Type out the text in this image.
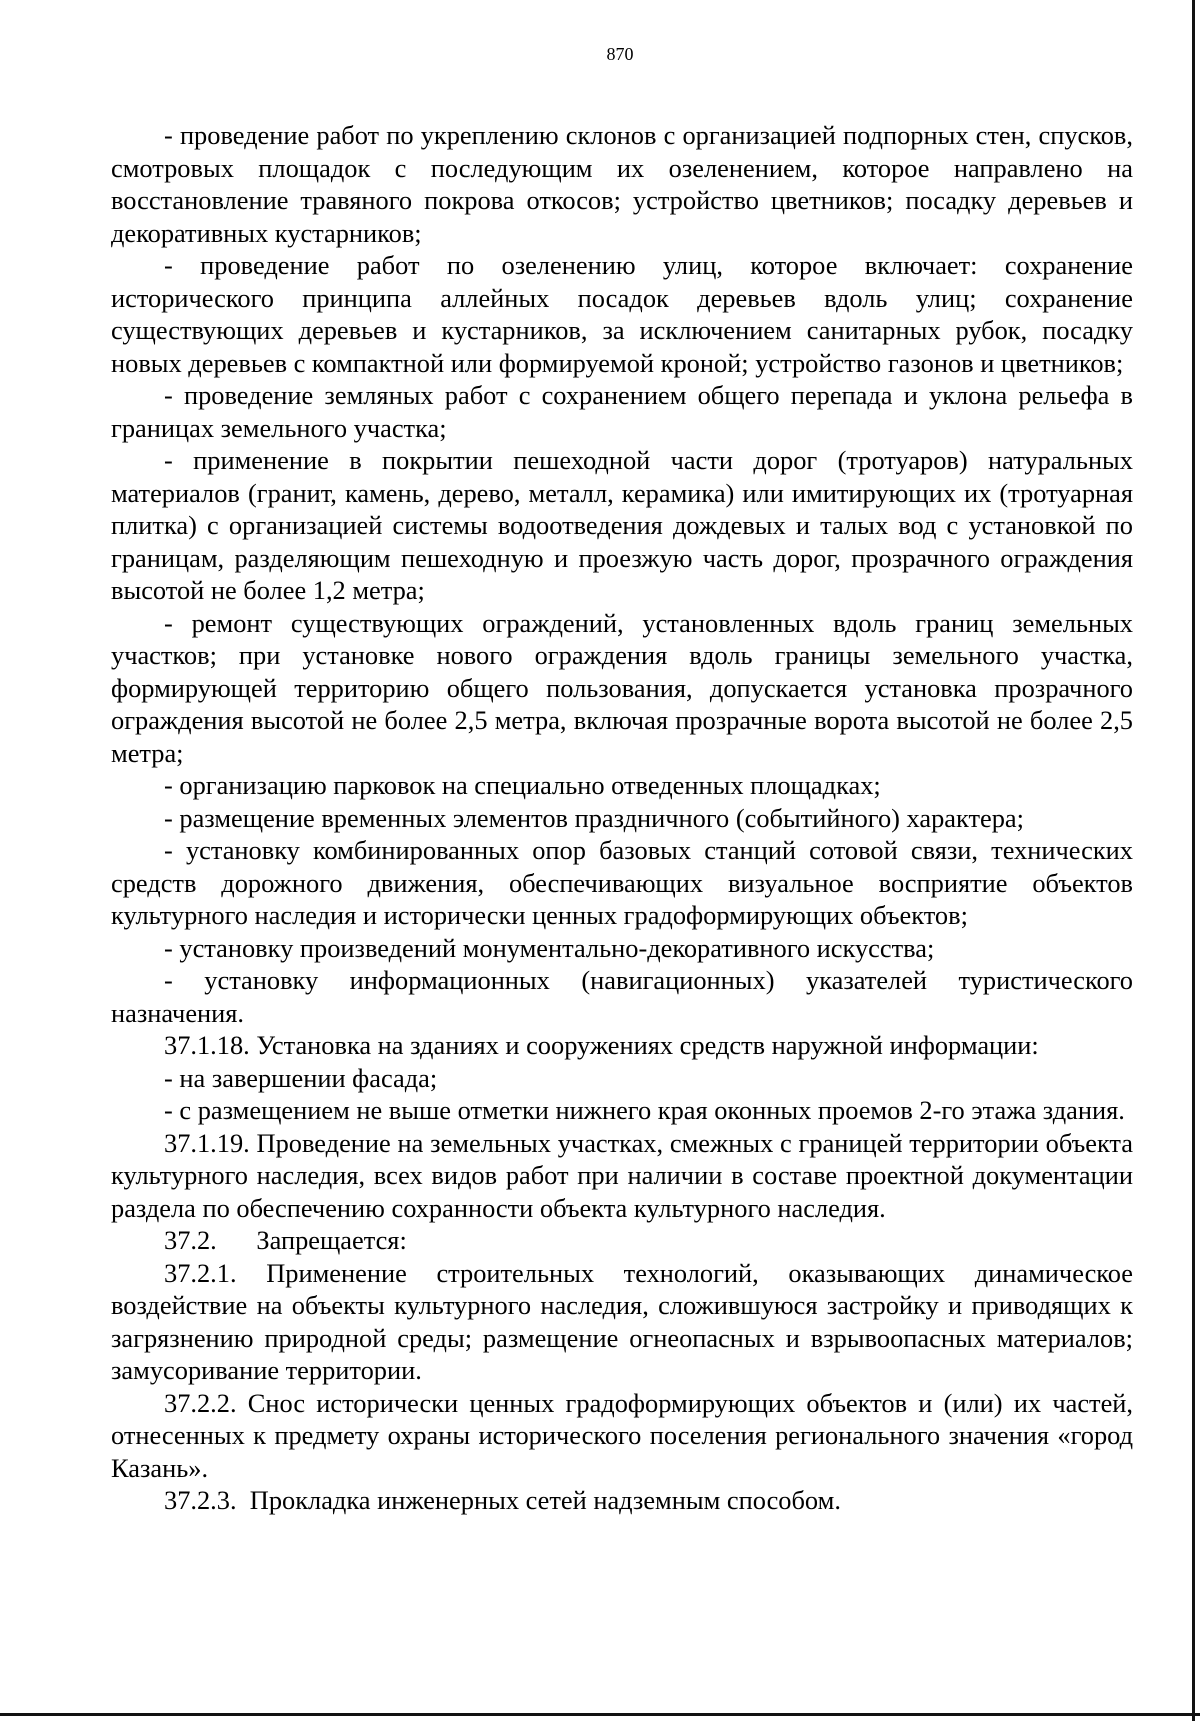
870

- проведение работ по укреплению склонов с организацией подпорных стен, спусков, смотровых площадок с последующим их озеленением, которое направлено на восстановление травяного покрова откосов; устройство цветников; посадку деревьев и декоративных кустарников;

- проведение работ по озеленению улиц, которое включает: сохранение исторического принципа аллейных посадок деревьев вдоль улиц; сохранение существующих деревьев и кустарников, за исключением санитарных рубок, посадку новых деревьев с компактной или формируемой кроной; устройство газонов и цветников;

- проведение земляных работ с сохранением общего перепада и уклона рельефа в границах земельного участка;

- применение в покрытии пешеходной части дорог (тротуаров) натуральных материалов (гранит, камень, дерево, металл, керамика) или имитирующих их (тротуарная плитка) с организацией системы водоотведения дождевых и талых вод с установкой по границам, разделяющим пешеходную и проезжую часть дорог, прозрачного ограждения высотой не более 1,2 метра;

- ремонт существующих ограждений, установленных вдоль границ земельных участков; при установке нового ограждения вдоль границы земельного участка, формирующей территорию общего пользования, допускается установка прозрачного ограждения высотой не более 2,5 метра, включая прозрачные ворота высотой не более 2,5 метра;

- организацию парковок на специально отведенных площадках;

- размещение временных элементов праздничного (событийного) характера;

- установку комбинированных опор базовых станций сотовой связи, технических средств дорожного движения, обеспечивающих визуальное восприятие объектов культурного наследия и исторически ценных градоформирующих объектов;

- установку произведений монументально-декоративного искусства;

- установку информационных (навигационных) указателей туристического назначения.

37.1.18. Установка на зданиях и сооружениях средств наружной информации:

- на завершении фасада;

- с размещением не выше отметки нижнего края оконных проемов 2-го этажа здания.

37.1.19. Проведение на земельных участках, смежных с границей территории объекта культурного наследия, всех видов работ при наличии в составе проектной документации раздела по обеспечению сохранности объекта культурного наследия.

37.2.      Запрещается:

37.2.1. Применение строительных технологий, оказывающих динамическое воздействие на объекты культурного наследия, сложившуюся застройку и приводящих к загрязнению природной среды; размещение огнеопасных и взрывоопасных материалов; замусоривание территории.

37.2.2. Снос исторически ценных градоформирующих объектов и (или) их частей, отнесенных к предмету охраны исторического поселения регионального значения «город Казань».

37.2.3.  Прокладка инженерных сетей надземным способом.
